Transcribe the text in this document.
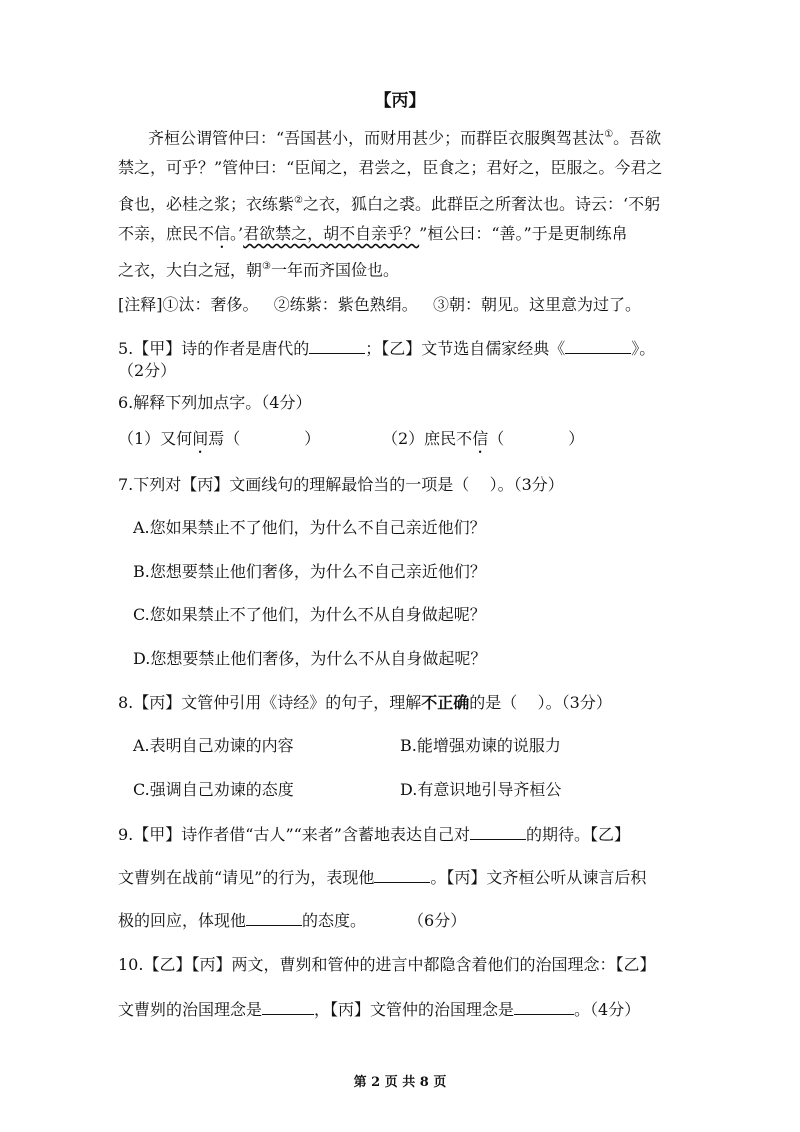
【丙】
齐桓公谓管仲曰：“吾国甚小，而财用甚少；而群臣衣服舆驾甚汰①。吾欲
禁之，可乎？”管仲曰：“臣闻之，君尝之，臣食之；君好之，臣服之。今君之
食也，必桂之浆；衣练紫②之衣，狐白之裘。此群臣之所奢汰也。诗云：‘不躬
不亲，庶民不信。’君欲禁之，胡不自亲乎？”桓公曰：“善。”于是更制练帛
之衣，大白之冠，朝③一年而齐国俭也。
[注释]①汰：奢侈。   ②练紫：紫色熟绢。   ③朝：朝见。这里意为过了。
5.【甲】诗的作者是唐代的	；【乙】文节选自儒家经典《	》。
（2分）
6.解释下列加点字。（4分）
（1）又何间焉（	）	（2）庶民不信（	）
7.下列对【丙】文画线句的理解最恰当的一项是（    ）。（3分）
A.您如果禁止不了他们，为什么不自己亲近他们？
B.您想要禁止他们奢侈，为什么不自己亲近他们？
C.您如果禁止不了他们，为什么不从自身做起呢？
D.您想要禁止他们奢侈，为什么不从自身做起呢？
8.【丙】文管仲引用《诗经》的句子，理解不正确的是（    ）。（3分）
A.表明自己劝谏的内容	B.能增强劝谏的说服力
C.强调自己劝谏的态度	D.有意识地引导齐桓公
9.【甲】诗作者借“古人”“来者”含蓄地表达自己对	的期待。【乙】
文曹刿在战前“请见”的行为，表现他	。【丙】文齐桓公听从谏言后积
极的回应，体现他	的态度。	（6分）
10.【乙】【丙】两文，曹刿和管仲的进言中都隐含着他们的治国理念：【乙】
文曹刿的治国理念是	，【丙】文管仲的治国理念是	。（4分）
第 2 页 共 8 页
